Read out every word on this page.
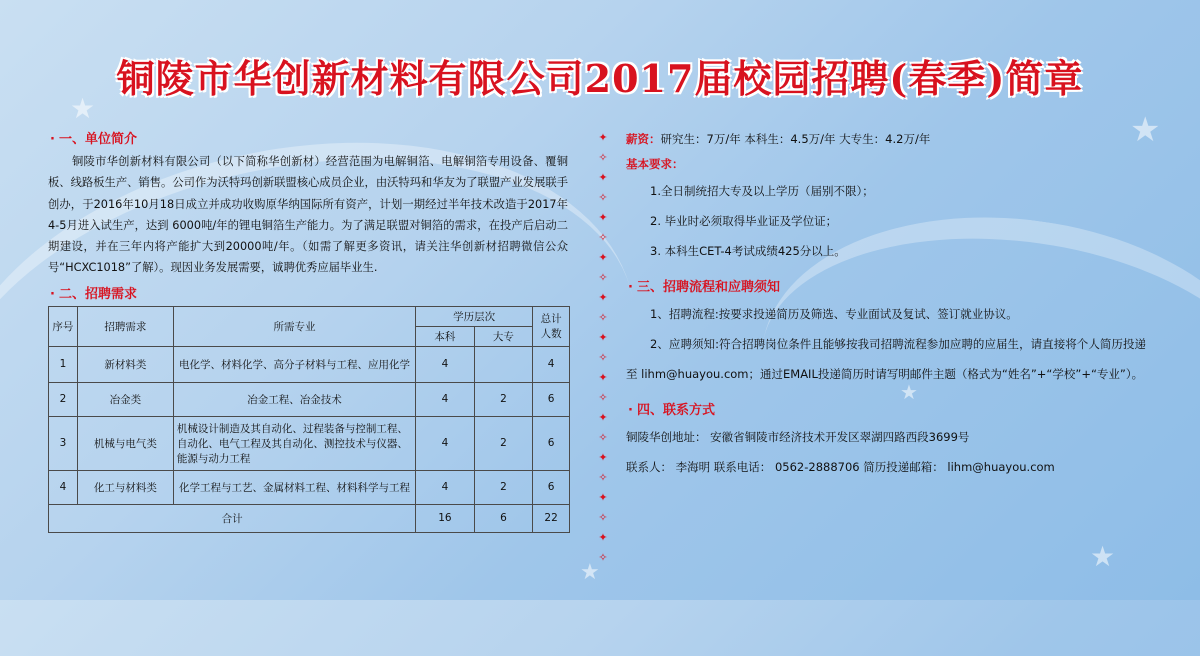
★
★
★
★
★
铜陵市华创新材料有限公司2017届校园招聘(春季)简章
· 一、单位简介

铜陵市华创新材料有限公司（以下简称华创新材）经营范围为电解铜箔、电解铜箔专用设备、覆铜板、线路板生产、销售。公司作为沃特玛创新联盟核心成员企业，由沃特玛和华友为了联盟产业发展联手创办，于2016年10月18日成立并成功收购原华纳国际所有资产，计划一期经过半年技术改造于2017年4-5月进入试生产，达到 6000吨/年的锂电铜箔生产能力。为了满足联盟对铜箔的需求，在投产后启动二期建设，并在三年内将产能扩大到20000吨/年。（如需了解更多资讯，请关注华创新材招聘微信公众号“HCXC1018”了解）。现因业务发展需要，诚聘优秀应届毕业生.

· 二、招聘需求
序号	招聘需求	所需专业	学历层次		总计人数
			本科	大专	
1	新材料类	电化学、材料化学、高分子材料与工程、应用化学	4		4
2	冶金类	冶金工程、冶金技术	4	2	6
3	机械与电气类	机械设计制造及其自动化、过程装备与控制工程、自动化、电气工程及其自动化、测控技术与仪器、能源与动力工程	4	2	6
4	化工与材料类	化学工程与工艺、金属材料工程、材料科学与工程	4	2	6
合计			16	6	22
✦
✧
✦
✧
✦
✧
✦
✧
✦
✧
✦
✧
✦
✧
✦
✧
✦
✧
✦
✧
✦
✧

薪资：研究生：7万/年 本科生：4.5万/年 大专生：4.2万/年

基本要求：

1.全日制统招大专及以上学历（届别不限）；

2. 毕业时必须取得毕业证及学位证；

3. 本科生CET-4考试成绩425分以上。

· 三、招聘流程和应聘须知

1、招聘流程:按要求投递简历及筛选、专业面试及复试、签订就业协议。

2、应聘须知:符合招聘岗位条件且能够按我司招聘流程参加应聘的应届生，请直接将个人简历投递至 lihm@huayou.com；通过EMAIL投递简历时请写明邮件主题（格式为“姓名”+“学校”+“专业”）。

· 四、联系方式

铜陵华创地址： 安徽省铜陵市经济技术开发区翠湖四路西段3699号

联系人： 李海明 联系电话： 0562-2888706 简历投递邮箱： lihm@huayou.com
